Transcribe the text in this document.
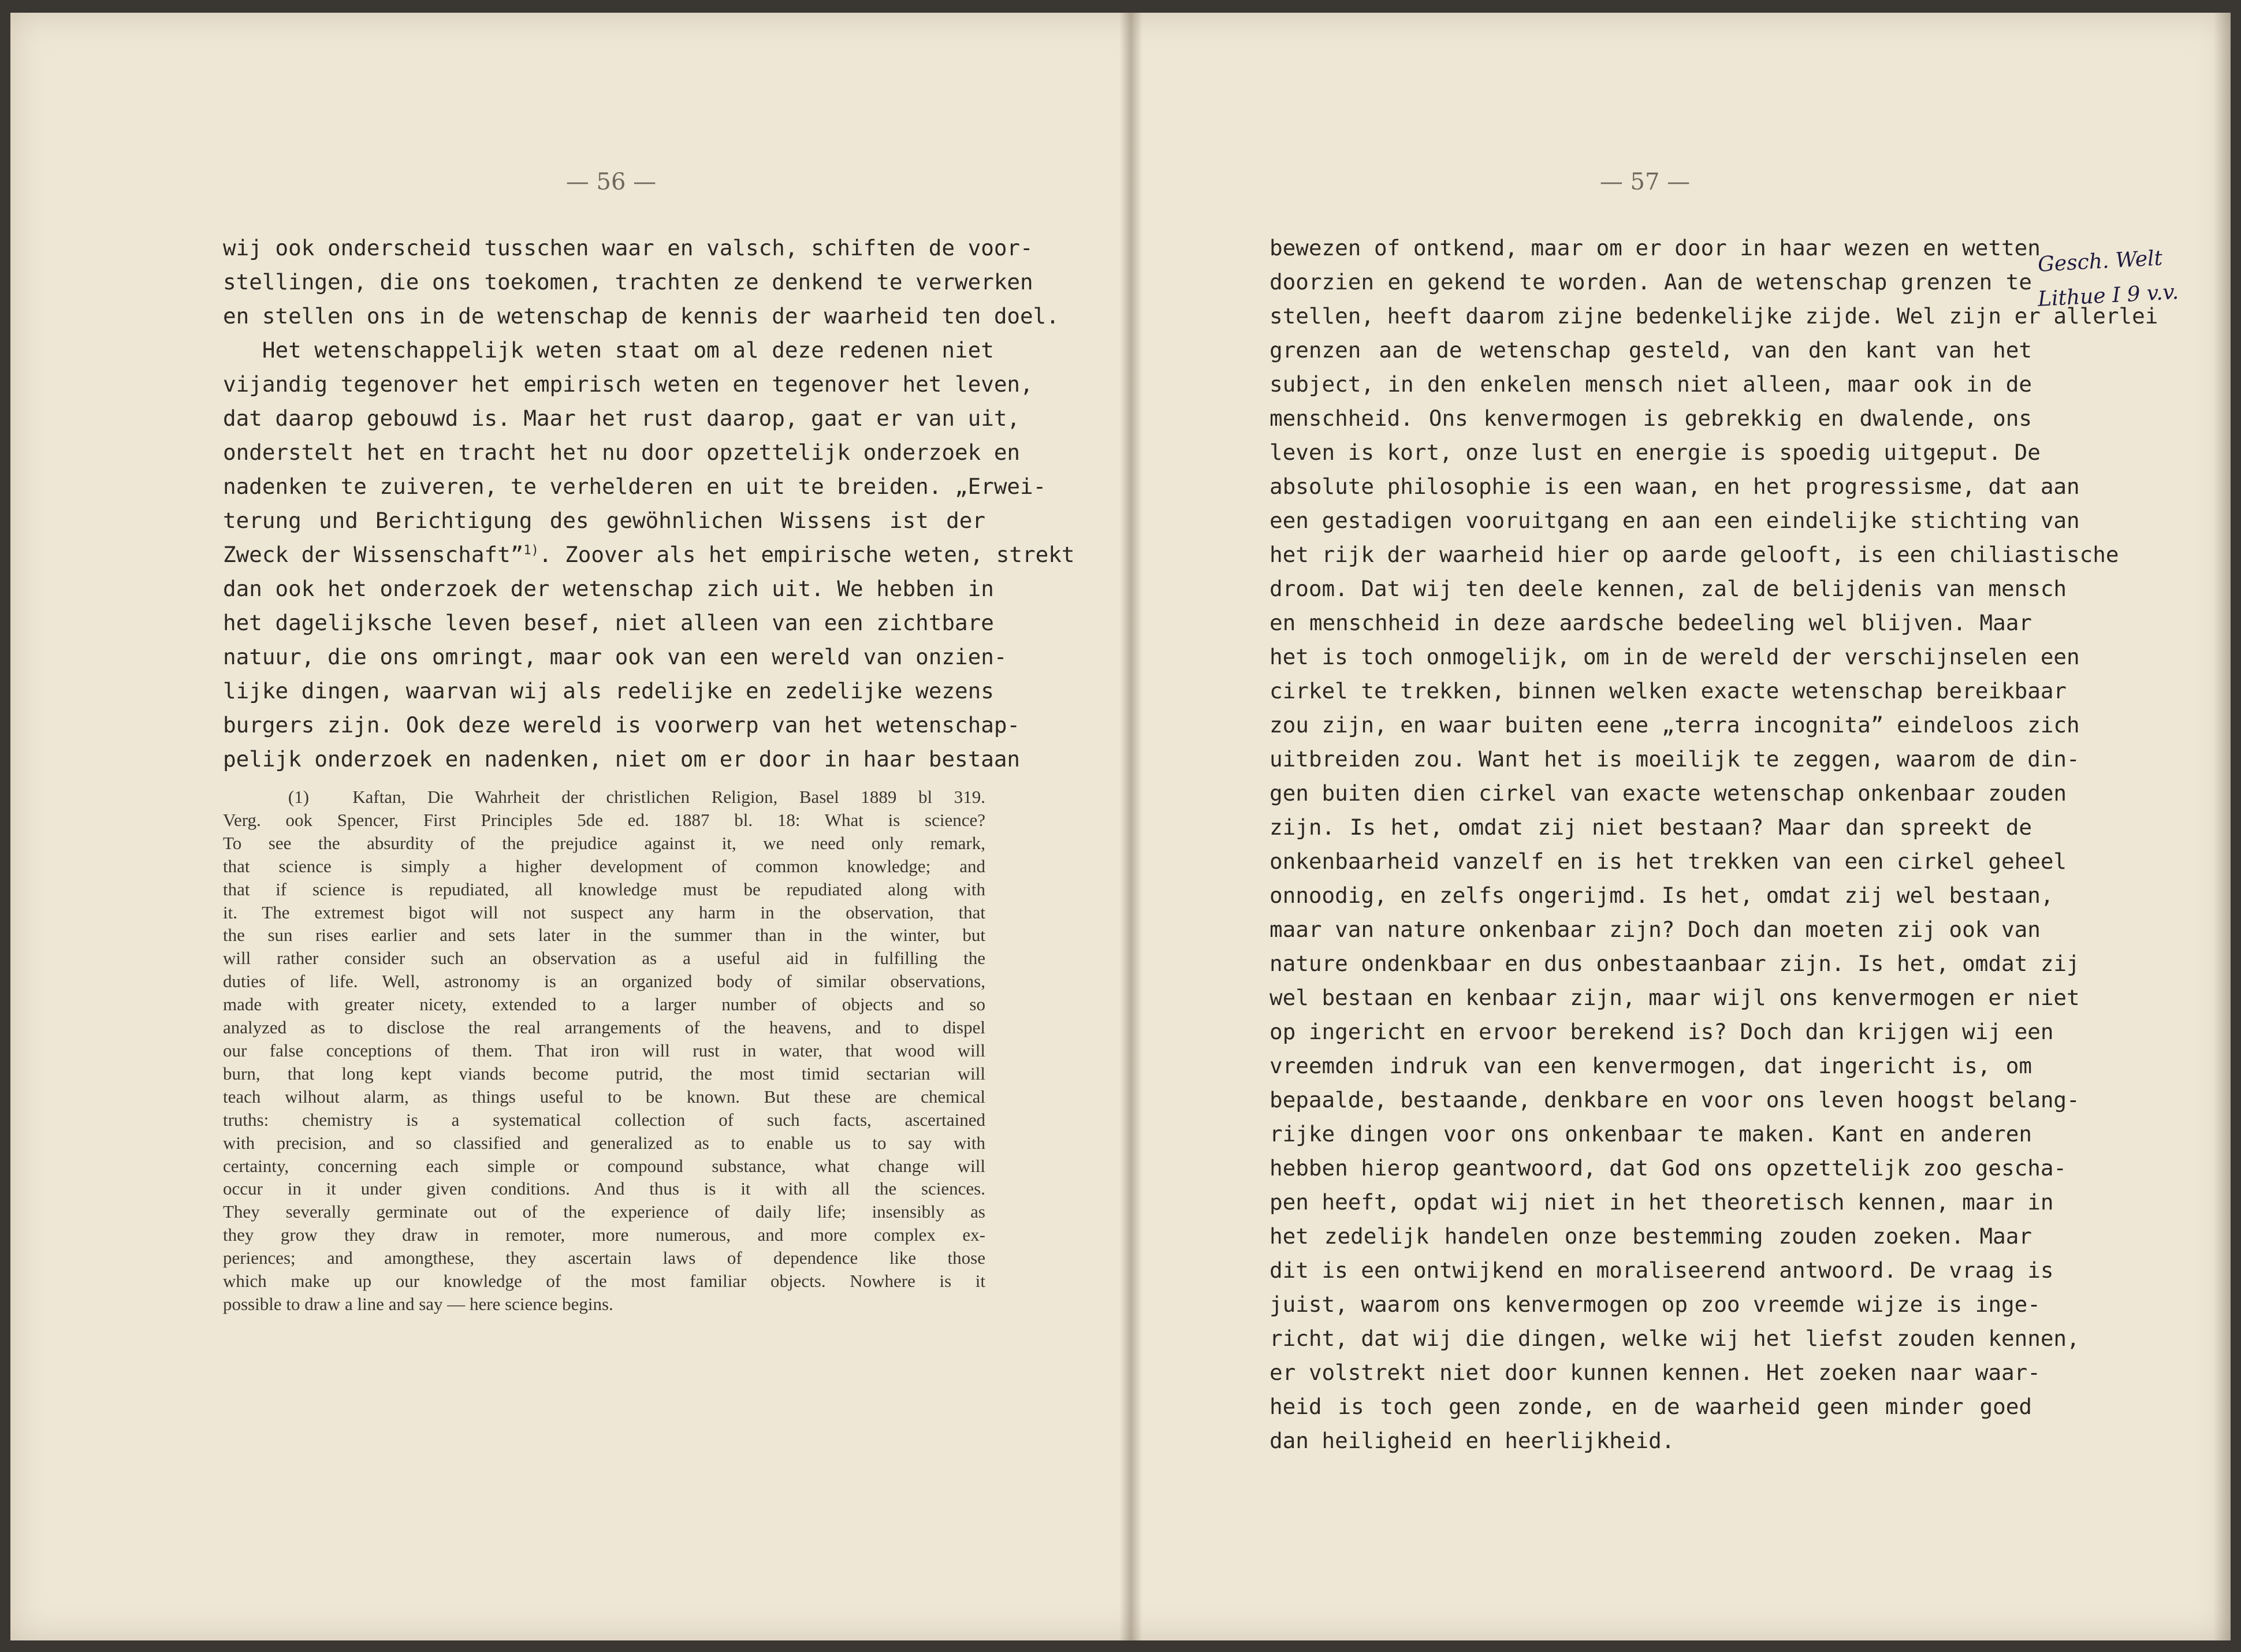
— 56 —
wij ook onderscheid tusschen waar en valsch, schiften de voor-
stellingen, die ons toekomen, trachten ze denkend te verwerken
en stellen ons in de wetenschap de kennis der waarheid ten doel.
Het wetenschappelijk weten staat om al deze redenen niet
vijandig tegenover het empirisch weten en tegenover het leven,
dat daarop gebouwd is. Maar het rust daarop, gaat er van uit,
onderstelt het en tracht het nu door opzettelijk onderzoek en
nadenken te zuiveren, te verhelderen en uit te breiden. „Erwei-
terung und Berichtigung des gewöhnlichen Wissens ist der
Zweck der Wissenschaft”$^{1)}$. Zoover als het empirische weten, strekt
dan ook het onderzoek der wetenschap zich uit. We hebben in
het dagelijksche leven besef, niet alleen van een zichtbare
natuur, die ons omringt, maar ook van een wereld van onzien-
lijke dingen, waarvan wij als redelijke en zedelijke wezens
burgers zijn. Ook deze wereld is voorwerp van het wetenschap-
pelijk onderzoek en nadenken, niet om er door in haar bestaan
(1)  Kaftan, Die Wahrheit der christlichen Religion, Basel 1889 bl 319.
Verg. ook Spencer, First Principles 5de ed. 1887 bl. 18: What is science?
To see the absurdity of the prejudice against it, we need only remark,
that science is simply a higher development of common knowledge; and
that if science is repudiated, all knowledge must be repudiated along with
it. The extremest bigot will not suspect any harm in the observation, that
the sun rises earlier and sets later in the summer than in the winter, but
will rather consider such an observation as a useful aid in fulfilling the
duties of life. Well, astronomy is an organized body of similar observations,
made with greater nicety, extended to a larger number of objects and so
analyzed as to disclose the real arrangements of the heavens, and to dispel
our false conceptions of them. That iron will rust in water, that wood will
burn, that long kept viands become putrid, the most timid sectarian will
teach wilhout alarm, as things useful to be known. But these are chemical
truths: chemistry is a systematical collection of such facts, ascertained
with precision, and so classified and generalized as to enable us to say with
certainty, concerning each simple or compound substance, what change will
occur in it under given conditions. And thus is it with all the sciences.
They severally germinate out of the experience of daily life; insensibly as
they grow they draw in remoter, more numerous, and more complex ex-
periences; and amongthese, they ascertain laws of dependence like those
which make up our knowledge of the most familiar objects. Nowhere is it
possible to draw a line and say — here science begins.
— 57 —
bewezen of ontkend, maar om er door in haar wezen en wetten
doorzien en gekend te worden. Aan de wetenschap grenzen te
stellen, heeft daarom zijne bedenkelijke zijde. Wel zijn er allerlei
grenzen aan de wetenschap gesteld, van den kant van het
subject, in den enkelen mensch niet alleen, maar ook in de
menschheid. Ons kenvermogen is gebrekkig en dwalende, ons
leven is kort, onze lust en energie is spoedig uitgeput. De
absolute philosophie is een waan, en het progressisme, dat aan
een gestadigen vooruitgang en aan een eindelijke stichting van
het rijk der waarheid hier op aarde gelooft, is een chiliastische
droom. Dat wij ten deele kennen, zal de belijdenis van mensch
en menschheid in deze aardsche bedeeling wel blijven. Maar
het is toch onmogelijk, om in de wereld der verschijnselen een
cirkel te trekken, binnen welken exacte wetenschap bereikbaar
zou zijn, en waar buiten eene „terra incognita” eindeloos zich
uitbreiden zou. Want het is moeilijk te zeggen, waarom de din-
gen buiten dien cirkel van exacte wetenschap onkenbaar zouden
zijn. Is het, omdat zij niet bestaan? Maar dan spreekt de
onkenbaarheid vanzelf en is het trekken van een cirkel geheel
onnoodig, en zelfs ongerijmd. Is het, omdat zij wel bestaan,
maar van nature onkenbaar zijn? Doch dan moeten zij ook van
nature ondenkbaar en dus onbestaanbaar zijn. Is het, omdat zij
wel bestaan en kenbaar zijn, maar wijl ons kenvermogen er niet
op ingericht en ervoor berekend is? Doch dan krijgen wij een
vreemden indruk van een kenvermogen, dat ingericht is, om
bepaalde, bestaande, denkbare en voor ons leven hoogst belang-
rijke dingen voor ons onkenbaar te maken. Kant en anderen
hebben hierop geantwoord, dat God ons opzettelijk zoo gescha-
pen heeft, opdat wij niet in het theoretisch kennen, maar in
het zedelijk handelen onze bestemming zouden zoeken. Maar
dit is een ontwijkend en moraliseerend antwoord. De vraag is
juist, waarom ons kenvermogen op zoo vreemde wijze is inge-
richt, dat wij die dingen, welke wij het liefst zouden kennen,
er volstrekt niet door kunnen kennen. Het zoeken naar waar-
heid is toch geen zonde, en de waarheid geen minder goed
dan heiligheid en heerlijkheid.
Gesch. Welt
Lithue I 9 v.v.
